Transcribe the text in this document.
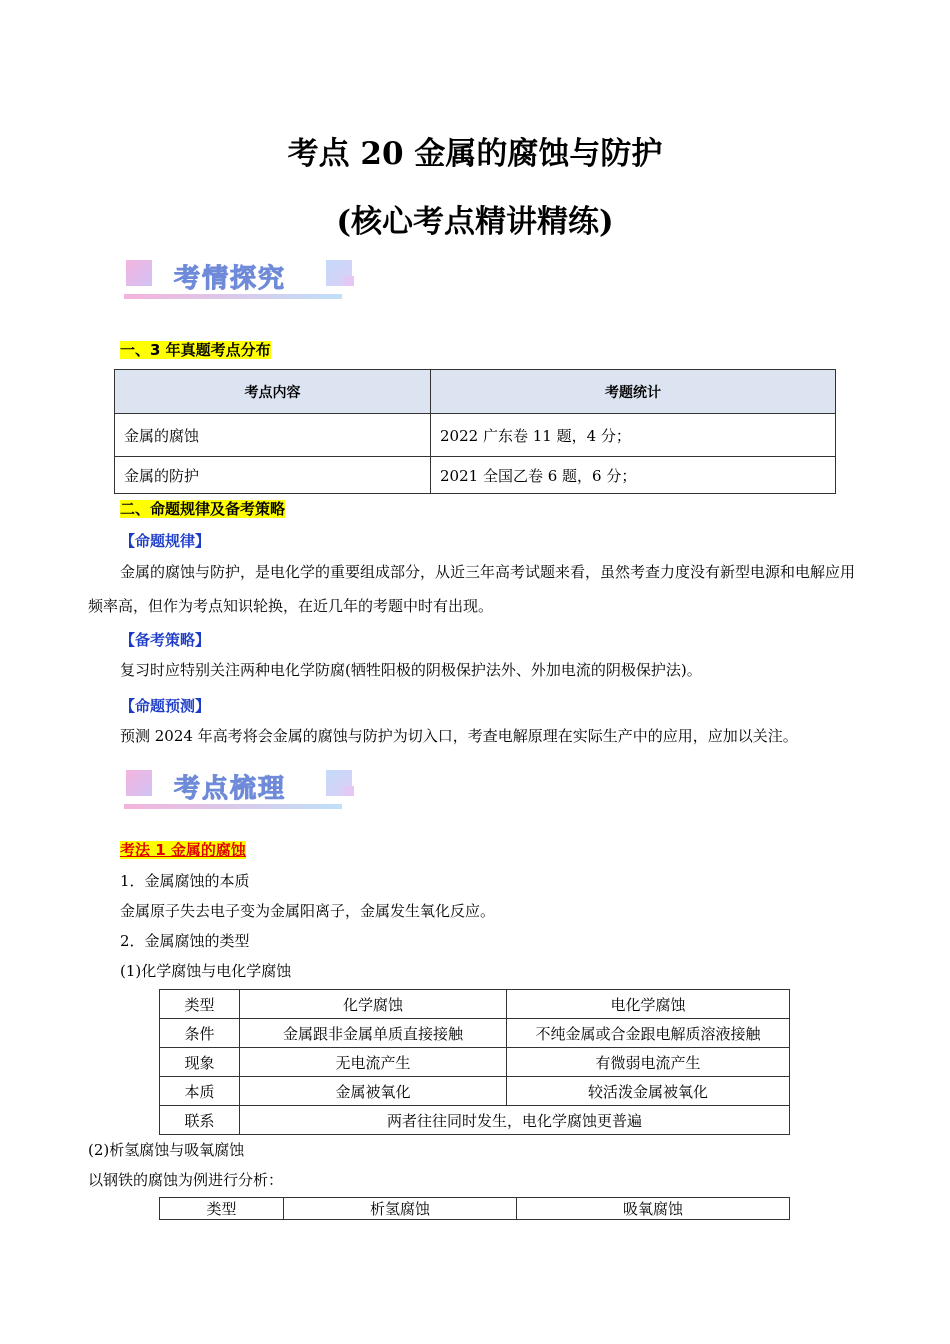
考点 20 金属的腐蚀与防护
(核心考点精讲精练)
考情探究
一、3 年真题考点分布
考点内容	考题统计
金属的腐蚀	2022 广东卷 11 题，4 分；
金属的防护	2021 全国乙卷 6 题，6 分；
二、命题规律及备考策略
【命题规律】
金属的腐蚀与防护，是电化学的重要组成部分，从近三年高考试题来看，虽然考查力度没有新型电源和电解应用频率高，但作为考点知识轮换，在近几年的考题中时有出现。
【备考策略】
复习时应特别关注两种电化学防腐(牺牲阳极的阴极保护法外、外加电流的阴极保护法)。
【命题预测】
预测 2024 年高考将会金属的腐蚀与防护为切入口，考查电解原理在实际生产中的应用，应加以关注。
考点梳理
考法 1 金属的腐蚀
1．金属腐蚀的本质
金属原子失去电子变为金属阳离子，金属发生氧化反应。
2．金属腐蚀的类型
(1)化学腐蚀与电化学腐蚀
类型	化学腐蚀	电化学腐蚀
条件	金属跟非金属单质直接接触	不纯金属或合金跟电解质溶液接触
现象	无电流产生	有微弱电流产生
本质	金属被氧化	较活泼金属被氧化
联系	两者往往同时发生，电化学腐蚀更普遍	
(2)析氢腐蚀与吸氧腐蚀
以钢铁的腐蚀为例进行分析：
类型	析氢腐蚀	吸氧腐蚀
